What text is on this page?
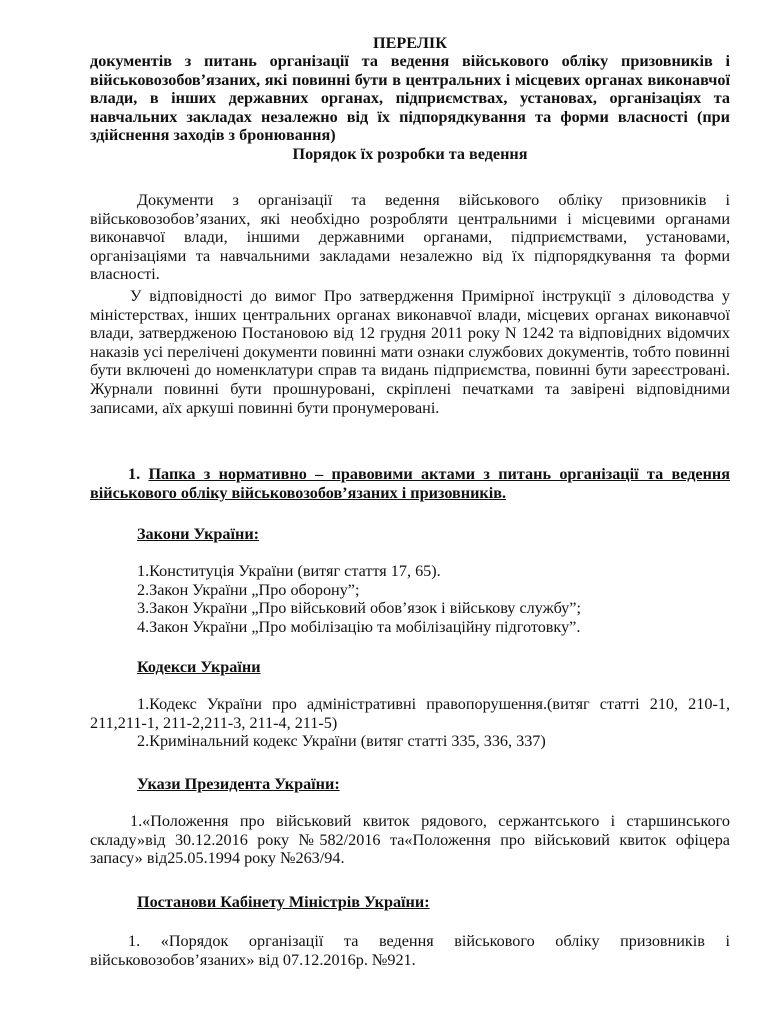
ПЕРЕЛІК

документів з питань організації та ведення військового обліку призовників і військовозобов’язаних, які повинні бути в центральних і місцевих органах виконавчої влади, в інших державних органах, підприємствах, установах, організаціях та навчальних закладах незалежно від їх підпорядкування та форми власності (при здійснення заходів з бронювання)

Порядок їх розробки та ведення

Документи з організації та ведення військового обліку призовників і військовозобов’язаних, які необхідно розробляти центральними і місцевими органами виконавчої влади, іншими державними органами, підприємствами, установами, організаціями та навчальними закладами незалежно від їх підпорядкування та форми власності.

У відповідності до вимог Про затвердження Примірної інструкції з діловодства у міністерствах, інших центральних органах виконавчої влади, місцевих органах виконавчої влади, затвердженою Постановою від 12 грудня 2011 року N 1242 та відповідних відомчих наказів усі перелічені документи повинні мати ознаки службових документів, тобто повинні бути включені до номенклатури справ та видань підприємства, повинні бути зареєстровані. Журнали повинні бути прошнуровані, скріплені печатками та завірені відповідними записами, аїх аркуші повинні бути пронумеровані.

1. Папка з нормативно – правовими актами з питань організації та ведення військового обліку військовозобов’язаних і призовників.

Закони України:

1.Конституція України (витяг стаття 17, 65).
2.Закон України „Про оборону”;
3.Закон України „Про військовий обов’язок і військову службу”;
4.Закон України „Про мобілізацію та мобілізаційну підготовку”.

Кодекси України

1.Кодекс України про адміністративні правопорушення.(витяг статті 210, 210-1, 211,211-1, 211-2,211-3, 211-4, 211-5)

2.Кримінальний кодекс України (витяг статті 335, 336, 337)

Укази Президента України:

1.«Положення про військовий квиток рядового, сержантського і старшинського складу»від 30.12.2016 року №582/2016 та«Положення про військовий квиток офіцера запасу» від25.05.1994 року №263/94.

Постанови Кабінету Міністрів України:

1. «Порядок організації та ведення військового обліку призовників і військовозобов’язаних» від 07.12.2016р. №921.
